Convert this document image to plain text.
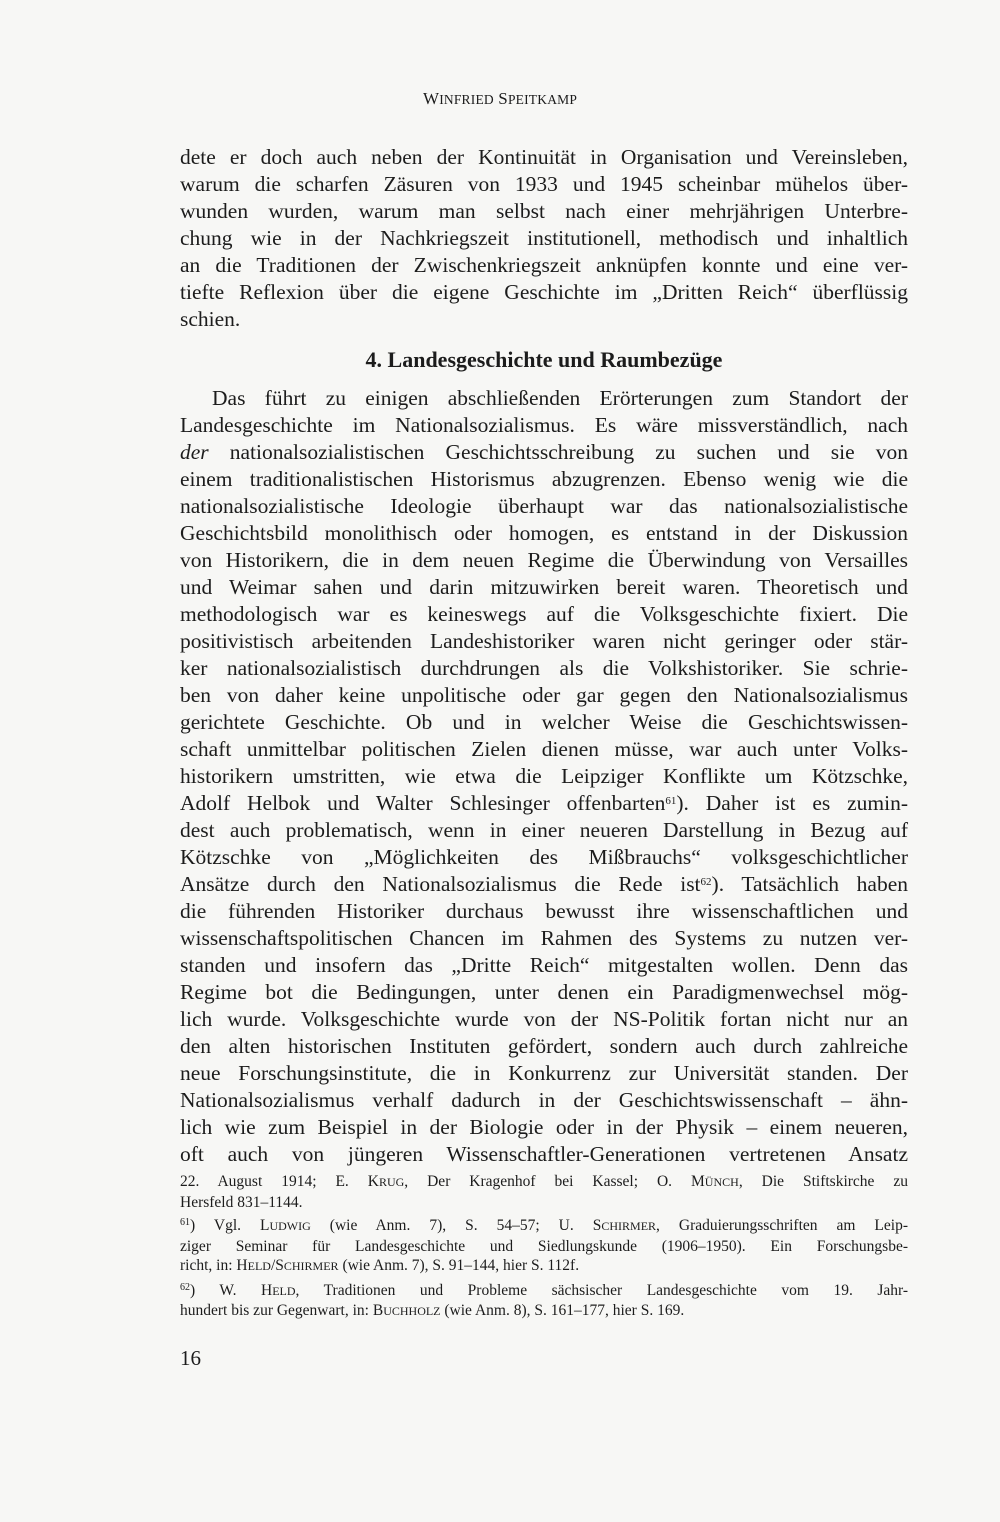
WINFRIED SPEITKAMP

dete er doch auch neben der Kontinuität in Organisation und Vereinsleben,

warum die scharfen Zäsuren von 1933 und 1945 scheinbar mühelos über-

wunden wurden, warum man selbst nach einer mehrjährigen Unterbre-

chung wie in der Nachkriegszeit institutionell, methodisch und inhaltlich

an die Traditionen der Zwischenkriegszeit anknüpfen konnte und eine ver-

tiefte Reflexion über die eigene Geschichte im „Dritten Reich“ überflüssig

schien.

4. Landesgeschichte und Raumbezüge

Das führt zu einigen abschließenden Erörterungen zum Standort der

Landesgeschichte im Nationalsozialismus. Es wäre missverständlich, nach

der nationalsozialistischen Geschichtsschreibung zu suchen und sie von

einem traditionalistischen Historismus abzugrenzen. Ebenso wenig wie die

nationalsozialistische Ideologie überhaupt war das nationalsozialistische

Geschichtsbild monolithisch oder homogen, es entstand in der Diskussion

von Historikern, die in dem neuen Regime die Überwindung von Versailles

und Weimar sahen und darin mitzuwirken bereit waren. Theoretisch und

methodologisch war es keineswegs auf die Volksgeschichte fixiert. Die

positivistisch arbeitenden Landeshistoriker waren nicht geringer oder stär-

ker nationalsozialistisch durchdrungen als die Volkshistoriker. Sie schrie-

ben von daher keine unpolitische oder gar gegen den Nationalsozialismus

gerichtete Geschichte. Ob und in welcher Weise die Geschichtswissen-

schaft unmittelbar politischen Zielen dienen müsse, war auch unter Volks-

historikern umstritten, wie etwa die Leipziger Konflikte um Kötzschke,

Adolf Helbok und Walter Schlesinger offenbarten$^{61}$). Daher ist es zumin-

dest auch problematisch, wenn in einer neueren Darstellung in Bezug auf

Kötzschke von „Möglichkeiten des Mißbrauchs“ volksgeschichtlicher

Ansätze durch den Nationalsozialismus die Rede ist$^{62}$). Tatsächlich haben

die führenden Historiker durchaus bewusst ihre wissenschaftlichen und

wissenschaftspolitischen Chancen im Rahmen des Systems zu nutzen ver-

standen und insofern das „Dritte Reich“ mitgestalten wollen. Denn das

Regime bot die Bedingungen, unter denen ein Paradigmenwechsel mög-

lich wurde. Volksgeschichte wurde von der NS-Politik fortan nicht nur an

den alten historischen Instituten gefördert, sondern auch durch zahlreiche

neue Forschungsinstitute, die in Konkurrenz zur Universität standen. Der

Nationalsozialismus verhalf dadurch in der Geschichtswissenschaft – ähn-

lich wie zum Beispiel in der Biologie oder in der Physik – einem neueren,

oft auch von jüngeren Wissenschaftler-Generationen vertretenen Ansatz

22. August 1914; E. KRUG, Der Kragenhof bei Kassel; O. MÜNCH, Die Stiftskirche zu

Hersfeld 831–1144.

$^{61}$) Vgl. LUDWIG (wie Anm. 7), S. 54–57; U. SCHIRMER, Graduierungsschriften am Leip-

ziger Seminar für Landesgeschichte und Siedlungskunde (1906–1950). Ein Forschungsbe-

richt, in: HELD/SCHIRMER (wie Anm. 7), S. 91–144, hier S. 112f.

$^{62}$) W. HELD, Traditionen und Probleme sächsischer Landesgeschichte vom 19. Jahr-

hundert bis zur Gegenwart, in: BUCHHOLZ (wie Anm. 8), S. 161–177, hier S. 169.

16
